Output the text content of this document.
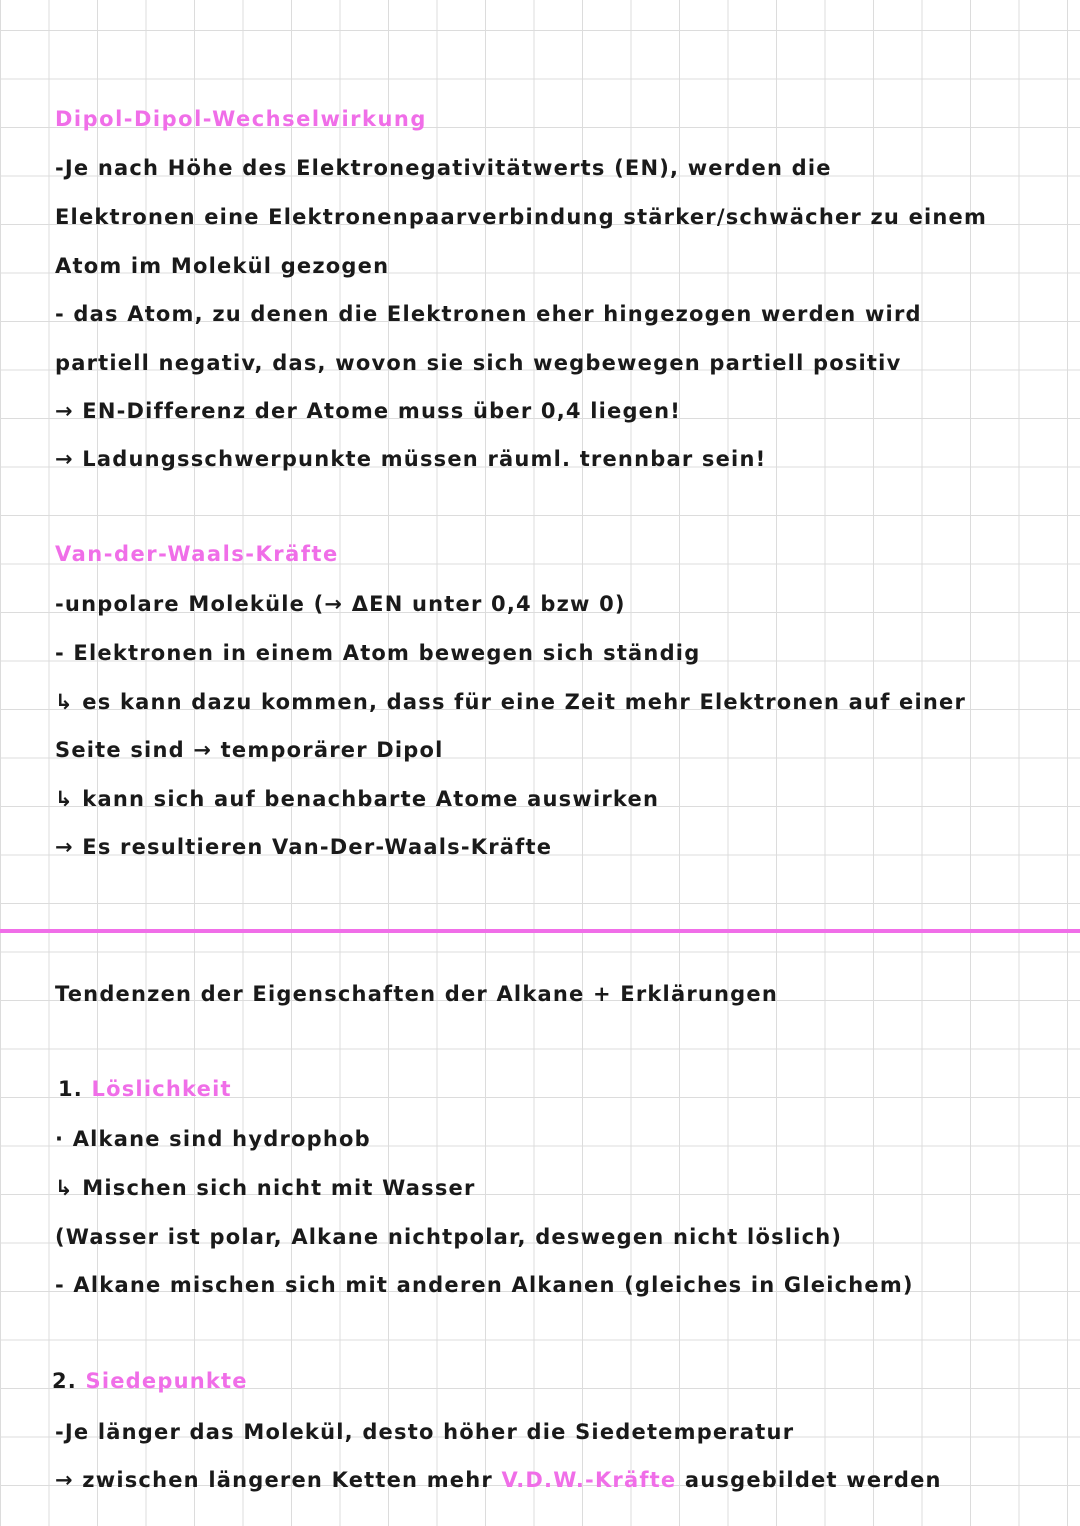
Dipol-Dipol-Wechselwirkung
-Je nach Höhe des Elektronegativitätwerts (EN), werden die
Elektronen eine Elektronenpaarverbindung stärker/schwächer zu einem
Atom im Molekül gezogen
- das Atom, zu denen die Elektronen eher hingezogen werden wird
partiell negativ, das, wovon sie sich wegbewegen partiell positiv
→ EN-Differenz der Atome muss über 0,4 liegen!
→ Ladungsschwerpunkte müssen räuml. trennbar sein!
Van-der-Waals-Kräfte
-unpolare Moleküle (→ ΔEN unter 0,4 bzw 0)
- Elektronen in einem Atom bewegen sich ständig
↳ es kann dazu kommen, dass für eine Zeit mehr Elektronen auf einer
Seite sind → temporärer Dipol
↳ kann sich auf benachbarte Atome auswirken
→ Es resultieren Van-Der-Waals-Kräfte
Tendenzen der Eigenschaften der Alkane + Erklärungen
1. Löslichkeit
· Alkane sind hydrophob
↳ Mischen sich nicht mit Wasser
(Wasser ist polar, Alkane nichtpolar, deswegen nicht löslich)
- Alkane mischen sich mit anderen Alkanen (gleiches in Gleichem)
2. Siedepunkte
-Je länger das Molekül, desto höher die Siedetemperatur
→ zwischen längeren Ketten mehr V.D.W.-Kräfte ausgebildet werden
